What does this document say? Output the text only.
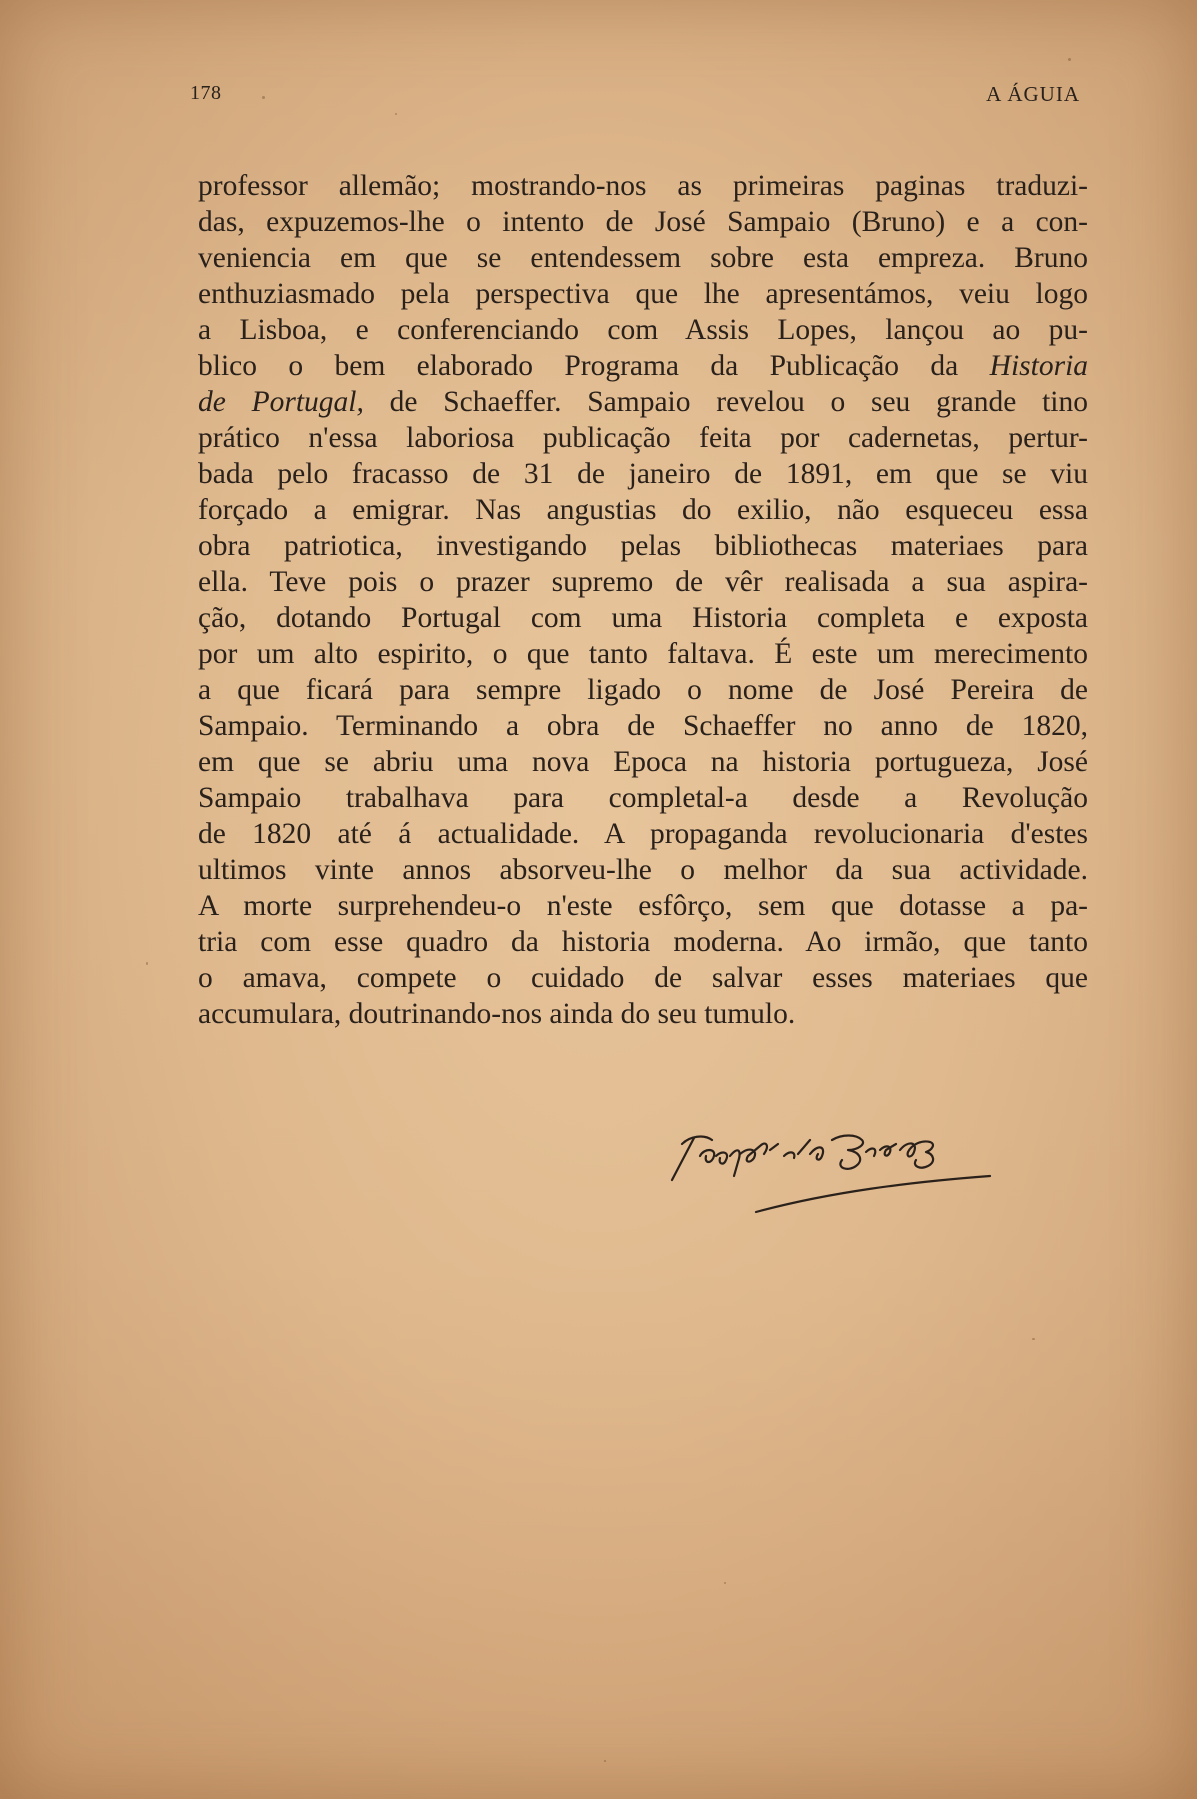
178	A ÁGUIA
professor allemão; mostrando-nos as primeiras paginas traduzi-
das, expuzemos-lhe o intento de José Sampaio (Bruno) e a con-
veniencia em que se entendessem sobre esta empreza. Bruno
enthuziasmado pela perspectiva que lhe apresentámos, veiu logo
a Lisboa, e conferenciando com Assis Lopes, lançou ao pu-
blico o bem elaborado Programa da Publicação da Historia
de Portugal, de Schaeffer. Sampaio revelou o seu grande tino
prático n'essa laboriosa publicação feita por cadernetas, pertur-
bada pelo fracasso de 31 de janeiro de 1891, em que se viu
forçado a emigrar. Nas angustias do exilio, não esqueceu essa
obra patriotica, investigando pelas bibliothecas materiaes para
ella. Teve pois o prazer supremo de vêr realisada a sua aspira-
ção, dotando Portugal com uma Historia completa e exposta
por um alto espirito, o que tanto faltava. É este um merecimento
a que ficará para sempre ligado o nome de José Pereira de
Sampaio. Terminando a obra de Schaeffer no anno de 1820,
em que se abriu uma nova Epoca na historia portugueza, José
Sampaio trabalhava para completal-a desde a Revolução
de 1820 até á actualidade. A propaganda revolucionaria d'estes
ultimos vinte annos absorveu-lhe o melhor da sua actividade.
A morte surprehendeu-o n'este esfôrço, sem que dotasse a pa-
tria com esse quadro da historia moderna. Ao irmão, que tanto
o amava, compete o cuidado de salvar esses materiaes que
accumulara, doutrinando-nos ainda do seu tumulo.
